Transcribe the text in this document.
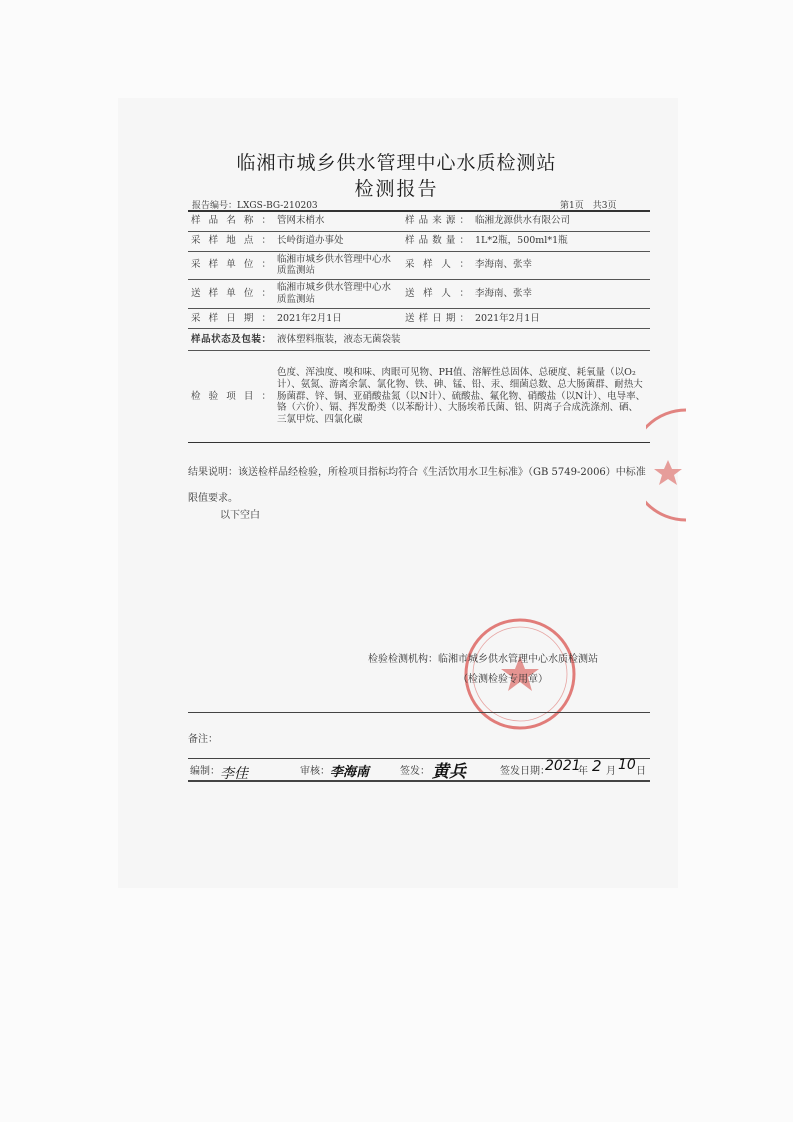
临湘市城乡供水管理中心水质检测站
检测报告
报告编号：LXGS-BG-210203	第1页　共3页
样品名称：	管网末梢水	样品来源：	临湘龙源供水有限公司
采样地点：	长岭街道办事处	样品数量：	1L*2瓶，500ml*1瓶
采样单位：	临湘市城乡供水管理中心水质监测站	采样人：	李海南、张幸
送样单位：	临湘市城乡供水管理中心水质监测站	送样人：	李海南、张幸
采样日期：	2021年2月1日	送样日期：	2021年2月1日
样品状态及包装：	液体塑料瓶装，液态无菌袋装		
检验项目：	色度、浑浊度、嗅和味、肉眼可见物、PH值、溶解性总固体、总硬度、耗氧量（以O₂计）、氨氮、游离余氯、氯化物、铁、砷、锰、铅、汞、细菌总数、总大肠菌群、耐热大肠菌群、锌、铜、亚硝酸盐氮（以N计）、硫酸盐、氟化物、硝酸盐（以N计）、电导率、铬（六价）、镉、挥发酚类（以苯酚计）、大肠埃希氏菌、铝、阴离子合成洗涤剂、硒、三氯甲烷、四氯化碳		
结果说明：该送检样品经检验，所检项目指标均符合《生活饮用水卫生标准》（GB 5749-2006）中标准限值要求。
以下空白
检验检测机构：临湘市城乡供水管理中心水质检测站
（检测检验专用章）
备注：
编制： 李佳	审核： 李海南	签发： 黄兵	签发日期：
2021
年 2 月 10 日
